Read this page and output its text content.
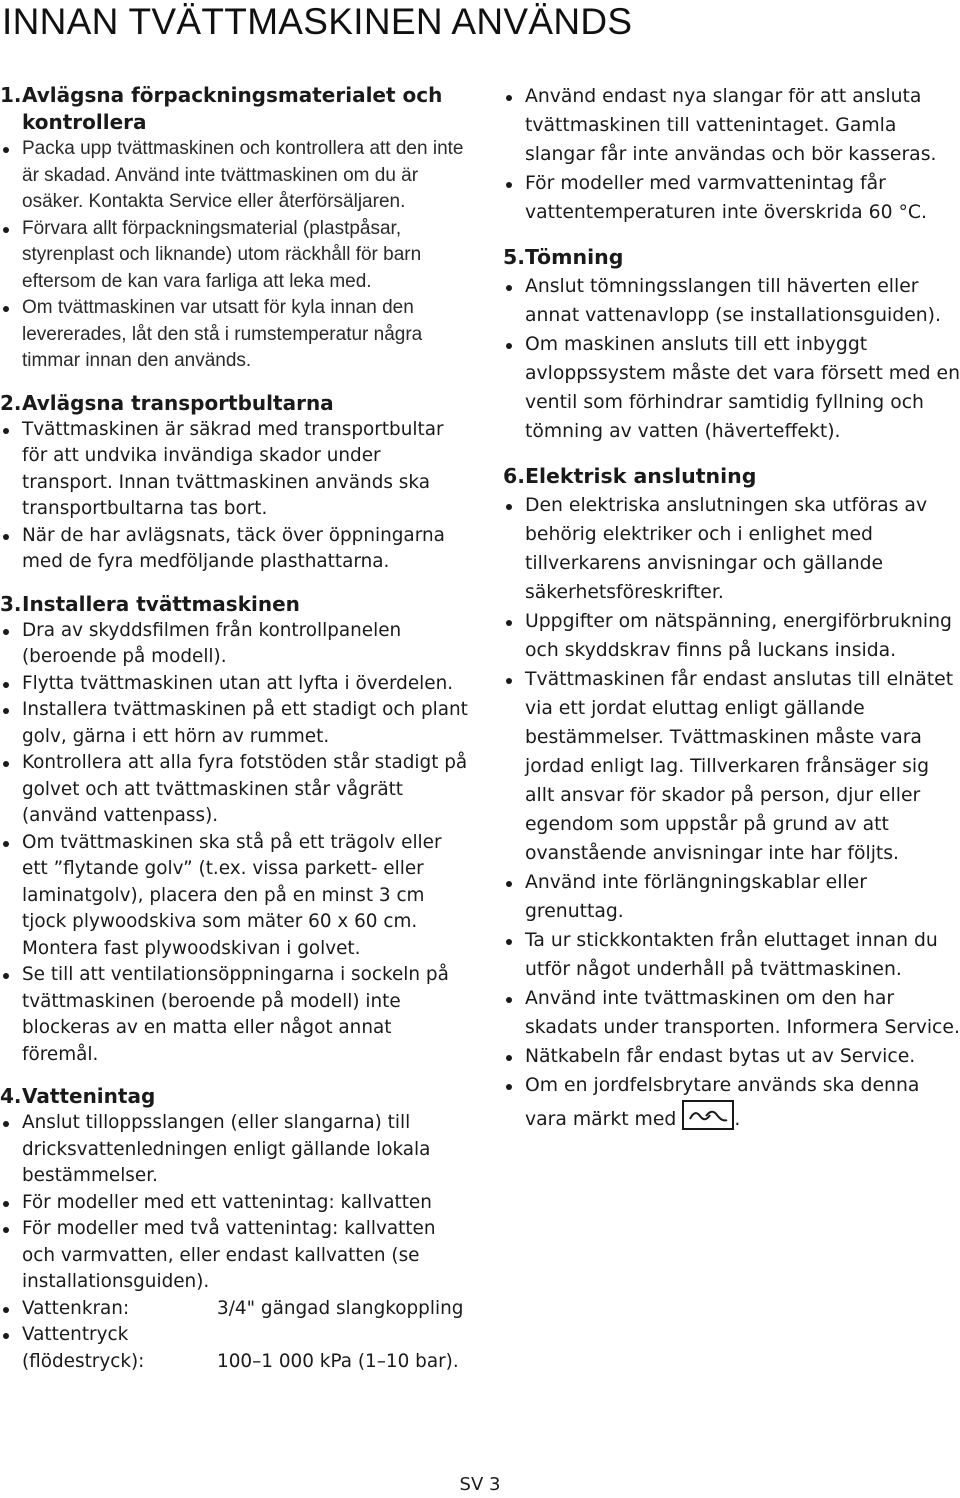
INNAN TVÄTTMASKINEN ANVÄNDS
1. Avlägsna förpackningsmaterialet och kontrollera
Packa upp tvättmaskinen och kontrollera att den inte är skadad. Använd inte tvättmaskinen om du är osäker. Kontakta Service eller återförsäljaren.
Förvara allt förpackningsmaterial (plastpåsar, styrenplast och liknande) utom räckhåll för barn eftersom de kan vara farliga att leka med.
Om tvättmaskinen var utsatt för kyla innan den levererades, låt den stå i rumstemperatur några timmar innan den används.
2. Avlägsna transportbultarna
Tvättmaskinen är säkrad med transportbultar för att undvika invändiga skador under transport. Innan tvättmaskinen används ska transportbultarna tas bort.
När de har avlägsnats, täck över öppningarna med de fyra medföljande plasthattarna.
3. Installera tvättmaskinen
Dra av skyddsfilmen från kontrollpanelen (beroende på modell).
Flytta tvättmaskinen utan att lyfta i överdelen.
Installera tvättmaskinen på ett stadigt och plant golv, gärna i ett hörn av rummet.
Kontrollera att alla fyra fotstöden står stadigt på golvet och att tvättmaskinen står vågrätt (använd vattenpass).
Om tvättmaskinen ska stå på ett trägolv eller ett ”flytande golv” (t.ex. vissa parkett- eller laminatgolv), placera den på en minst 3 cm tjock plywoodskiva som mäter 60 x 60 cm. Montera fast plywoodskivan i golvet.
Se till att ventilationsöppningarna i sockeln på tvättmaskinen (beroende på modell) inte blockeras av en matta eller något annat föremål.
4. Vattenintag
Anslut tilloppsslangen (eller slangarna) till dricksvattenledningen enligt gällande lokala bestämmelser.
För modeller med ett vattenintag: kallvatten
För modeller med två vattenintag: kallvatten och varmvatten, eller endast kallvatten (se installationsguiden).
Vattenkran:	3/4" gängad slangkoppling
Vattentryck (flödestryck):	100–1 000 kPa (1–10 bar).
Använd endast nya slangar för att ansluta tvättmaskinen till vattenintaget. Gamla slangar får inte användas och bör kasseras.
För modeller med varmvattenintag får vattentemperaturen inte överskrida 60 °C.
5. Tömning
Anslut tömningsslangen till häverten eller annat vattenavlopp (se installationsguiden).
Om maskinen ansluts till ett inbyggt avloppssystem måste det vara försett med en ventil som förhindrar samtidig fyllning och tömning av vatten (häverteffekt).
6. Elektrisk anslutning
Den elektriska anslutningen ska utföras av behörig elektriker och i enlighet med tillverkarens anvisningar och gällande säkerhetsföreskrifter.
Uppgifter om nätspänning, energiförbrukning och skyddskrav finns på luckans insida.
Tvättmaskinen får endast anslutas till elnätet via ett jordat eluttag enligt gällande bestämmelser. Tvättmaskinen måste vara jordad enligt lag. Tillverkaren frånsäger sig allt ansvar för skador på person, djur eller egendom som uppstår på grund av att ovanstående anvisningar inte har följts.
Använd inte förlängningskablar eller grenuttag.
Ta ur stickkontakten från eluttaget innan du utför något underhåll på tvättmaskinen.
Använd inte tvättmaskinen om den har skadats under transporten. Informera Service.
Nätkabeln får endast bytas ut av Service.
Om en jordfelsbrytare används ska denna vara märkt med	.
SV 3
